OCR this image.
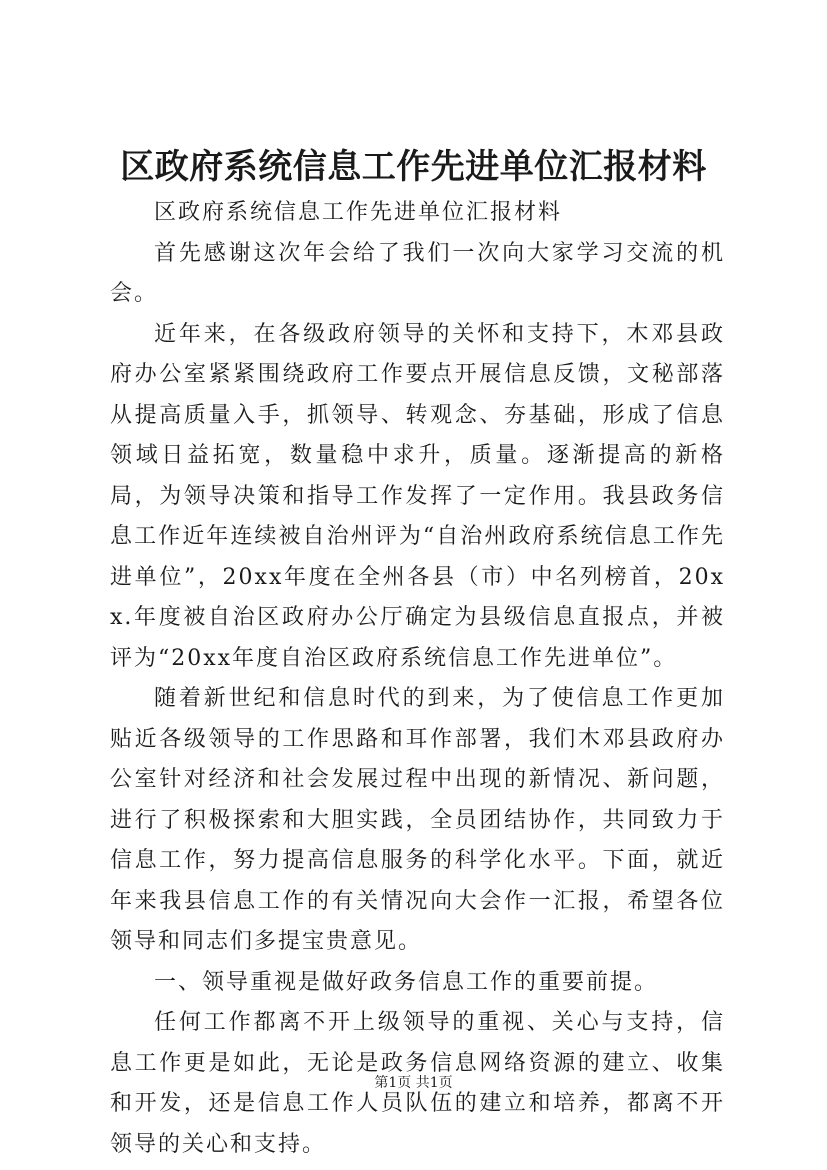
区政府系统信息工作先进单位汇报材料

区政府系统信息工作先进单位汇报材料

首先感谢这次年会给了我们一次向大家学习交流的机会。

近年来，在各级政府领导的关怀和支持下，木邓县政府办公室紧紧围绕政府工作要点开展信息反馈，文秘部落从提高质量入手，抓领导、转观念、夯基础，形成了信息领域日益拓宽，数量稳中求升，质量。逐渐提高的新格局，为领导决策和指导工作发挥了一定作用。我县政务信息工作近年连续被自治州评为“自治州政府系统信息工作先进单位”，20xx年度在全州各县（市）中名列榜首，20xx.年度被自治区政府办公厅确定为县级信息直报点，并被评为“20xx年度自治区政府系统信息工作先进单位”。

随着新世纪和信息时代的到来，为了使信息工作更加贴近各级领导的工作思路和耳作部署，我们木邓县政府办公室针对经济和社会发展过程中出现的新情况、新问题，进行了积极探索和大胆实践，全员团结协作，共同致力于信息工作，努力提高信息服务的科学化水平。下面，就近年来我县信息工作的有关情况向大会作一汇报，希望各位领导和同志们多提宝贵意见。

一、领导重视是做好政务信息工作的重要前提。

任何工作都离不开上级领导的重视、关心与支持，信息工作更是如此，无论是政务信息网络资源的建立、收集和开发，还是信息工作人员队伍的建立和培养，都离不开领导的关心和支持。

第1页 共1页
